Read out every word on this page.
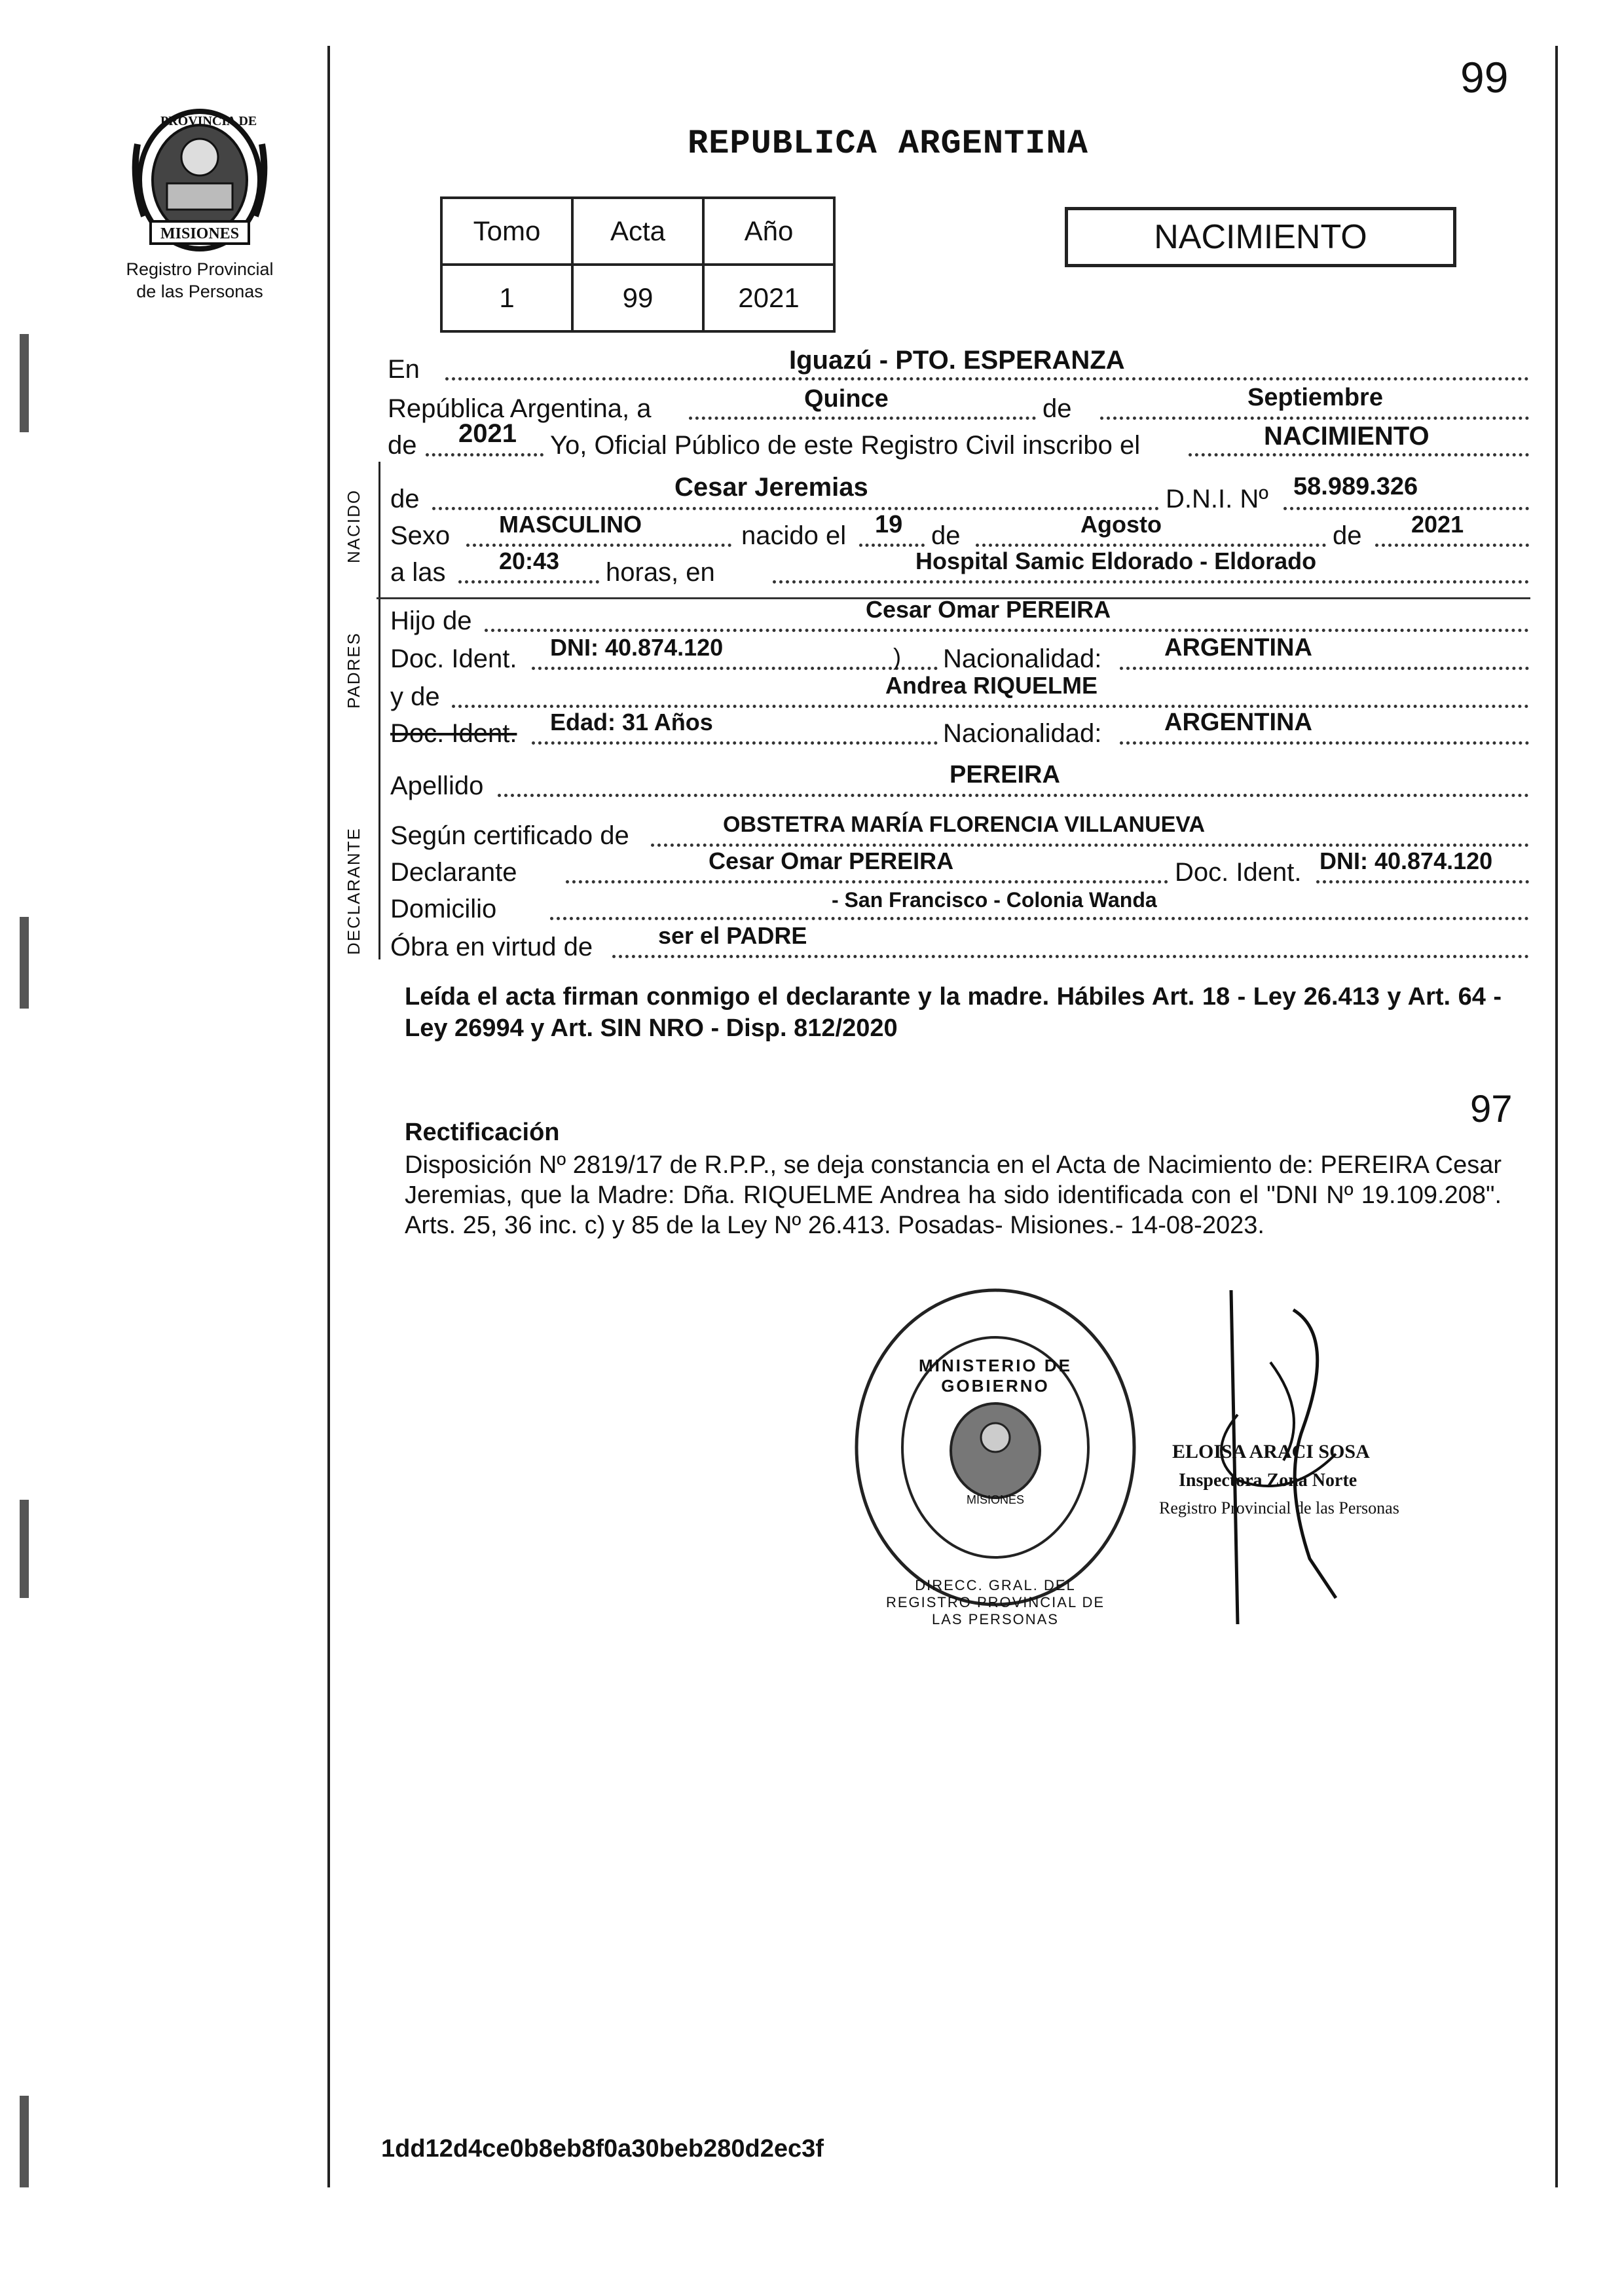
99
PROVINCIA DE
MISIONES
Registro Provincial
de las Personas
REPUBLICA ARGENTINA
Tomo	Acta	Año
1	99	2021
NACIMIENTO
En	Iguazú - PTO. ESPERANZA
República Argentina, a	Quince	de	Septiembre
de 2021 Yo, Oficial Público de este Registro Civil inscribo el	NACIMIENTO
NACIDO de	Cesar Jeremias	D.N.I. Nº 58.989.326
Sexo MASCULINO	nacido el 19 de	Agosto	de 2021
a las 20:43 horas, en	Hospital Samic Eldorado - Eldorado
PADRES
Hijo de	Cesar Omar PEREIRA
Doc. Ident. DNI: 40.874.120	) Nacionalidad:	ARGENTINA
y de	Andrea RIQUELME
Doc. Ident. Edad: 31 Años	Nacionalidad:	ARGENTINA
Apellido	PEREIRA
DECLARANTE Según certificado de	OBSTETRA MARÍA FLORENCIA VILLANUEVA
Declarante	Cesar Omar PEREIRA	Doc. Ident. DNI: 40.874.120
Domicilio	- San Francisco - Colonia Wanda
Óbra en virtud de	ser el PADRE
Leída el acta firman conmigo el declarante y la madre. Hábiles Art. 18 - Ley 26.413 y Art. 64 - Ley 26994 y Art. SIN NRO - Disp. 812/2020
97
Rectificación
Disposición Nº 2819/17 de R.P.P., se deja constancia en el Acta de Nacimiento de: PEREIRA Cesar Jeremias, que la Madre: Dña. RIQUELME Andrea ha sido identificada con el "DNI Nº 19.109.208". Arts. 25, 36 inc. c) y 85 de la Ley Nº 26.413. Posadas- Misiones.- 14-08-2023.
MINISTERIO DE GOBIERNO
MISIONES
DIRECC. GRAL. DEL REGISTRO PROVINCIAL DE LAS PERSONAS
ELOISA ARACI SOSA
Inspectora Zona Norte
Registro Provincial de las Personas
1dd12d4ce0b8eb8f0a30beb280d2ec3f
